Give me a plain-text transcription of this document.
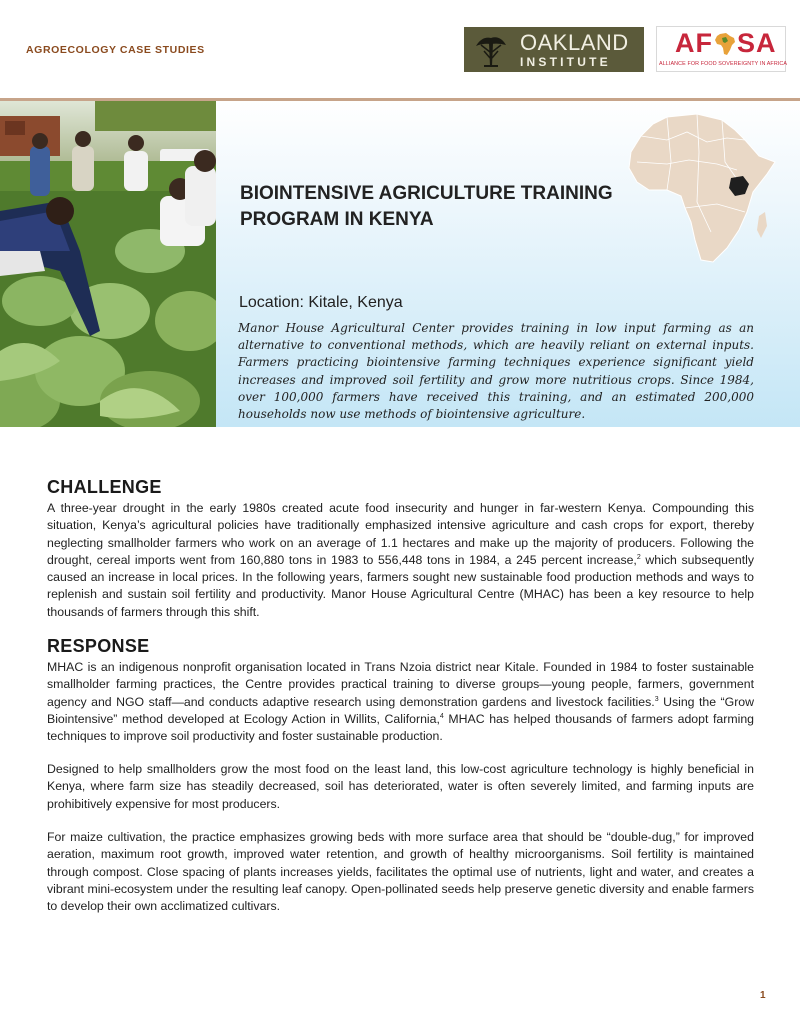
AGROECOLOGY CASE STUDIES	OAKLAND
INSTITUTE
AF SA
ALLIANCE FOR FOOD SOVEREIGNTY IN AFRICA
BIOINTENSIVE AGRICULTURE TRAINING
PROGRAM IN KENYA
Location: Kitale, Kenya

Manor House Agricultural Center provides training in low input farming as an alternative to conventional methods, which are heavily reliant on external inputs. Farmers practicing biointensive farming techniques experience significant yield increases and improved soil fertility and grow more nutritious crops. Since 1984, over 100,000 farmers have received this training, and an estimated 200,000 households now use methods of biointensive agriculture.

CHALLENGE

A three-year drought in the early 1980s created acute food insecurity and hunger in far-western Kenya. Compounding this situation, Kenya’s agricultural policies have traditionally emphasized intensive agriculture and cash crops for export, thereby neglecting smallholder farmers who work on an average of 1.1 hectares and make up the majority of producers. Following the drought, cereal imports went from 160,880 tons in 1983 to 556,448 tons in 1984, a 245 percent increase,$^2$ which subsequently caused an increase in local prices. In the following years, farmers sought new sustainable food production methods and ways to replenish and sustain soil fertility and productivity. Manor House Agricultural Centre (MHAC) has been a key resource to help thousands of farmers through this shift.

RESPONSE

MHAC is an indigenous nonprofit organisation located in Trans Nzoia district near Kitale. Founded in 1984 to foster sustainable smallholder farming practices, the Centre provides practical training to diverse groups—young people, farmers, government agency and NGO staff—and conducts adaptive research using demonstration gardens and livestock facilities.$^3$ Using the “Grow Biointensive” method developed at Ecology Action in Willits, California,$^4$ MHAC has helped thousands of farmers adopt farming techniques to improve soil productivity and foster sustainable production.

Designed to help smallholders grow the most food on the least land, this low-cost agriculture technology is highly beneficial in Kenya, where farm size has steadily decreased, soil has deteriorated, water is often severely limited, and farming inputs are prohibitively expensive for most producers.

For maize cultivation, the practice emphasizes growing beds with more surface area that should be “double-dug,” for improved aeration, maximum root growth, improved water retention, and growth of healthy microorganisms. Soil fertility is maintained through compost. Close spacing of plants increases yields, facilitates the optimal use of nutrients, light and water, and creates a vibrant mini-ecosystem under the resulting leaf canopy. Open-pollinated seeds help preserve genetic diversity and enable farmers to develop their own acclimatized cultivars.

1
